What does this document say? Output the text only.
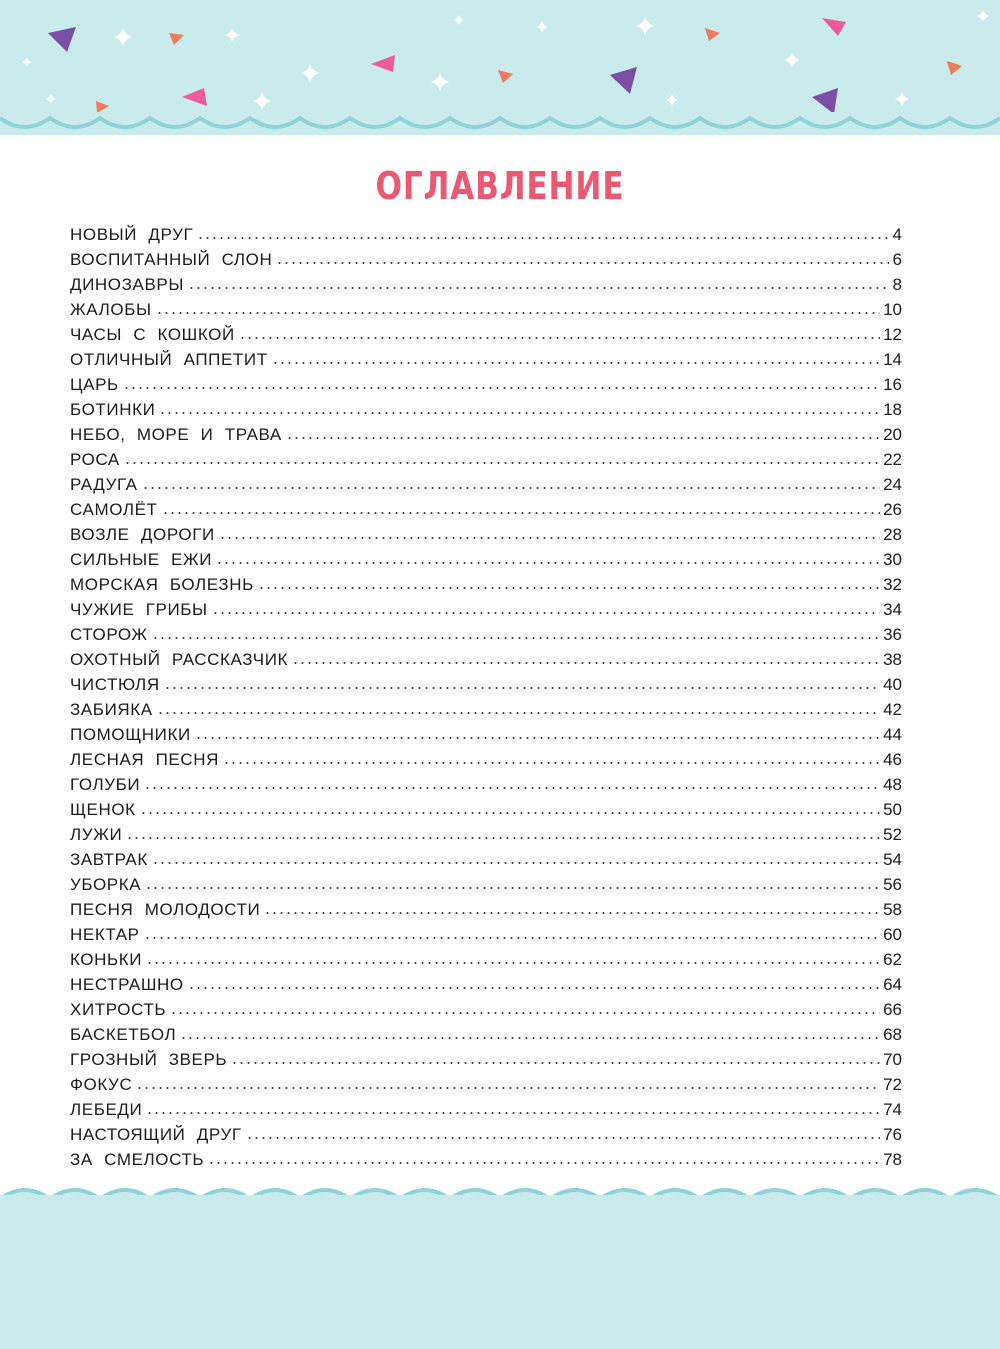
ОГЛАВЛЕНИЕ
НОВЫЙ ДРУГ	4
ВОСПИТАННЫЙ СЛОН	6
ДИНОЗАВРЫ	8
ЖАЛОБЫ	10
ЧАСЫ С КОШКОЙ	12
ОТЛИЧНЫЙ АППЕТИТ	14
ЦАРЬ	16
БОТИНКИ	18
НЕБО, МОРЕ И ТРАВА	20
РОСА	22
РАДУГА	24
САМОЛЁТ	26
ВОЗЛЕ ДОРОГИ	28
СИЛЬНЫЕ ЕЖИ	30
МОРСКАЯ БОЛЕЗНЬ	32
ЧУЖИЕ ГРИБЫ	34
СТОРОЖ	36
ОХОТНЫЙ РАССКАЗЧИК	38
ЧИСТЮЛЯ	40
ЗАБИЯКА	42
ПОМОЩНИКИ	44
ЛЕСНАЯ ПЕСНЯ	46
ГОЛУБИ	48
ЩЕНОК	50
ЛУЖИ	52
ЗАВТРАК	54
УБОРКА	56
ПЕСНЯ МОЛОДОСТИ	58
НЕКТАР	60
КОНЬКИ	62
НЕСТРАШНО	64
ХИТРОСТЬ	66
БАСКЕТБОЛ	68
ГРОЗНЫЙ ЗВЕРЬ	70
ФОКУС	72
ЛЕБЕДИ	74
НАСТОЯЩИЙ ДРУГ	76
ЗА СМЕЛОСТЬ	78
